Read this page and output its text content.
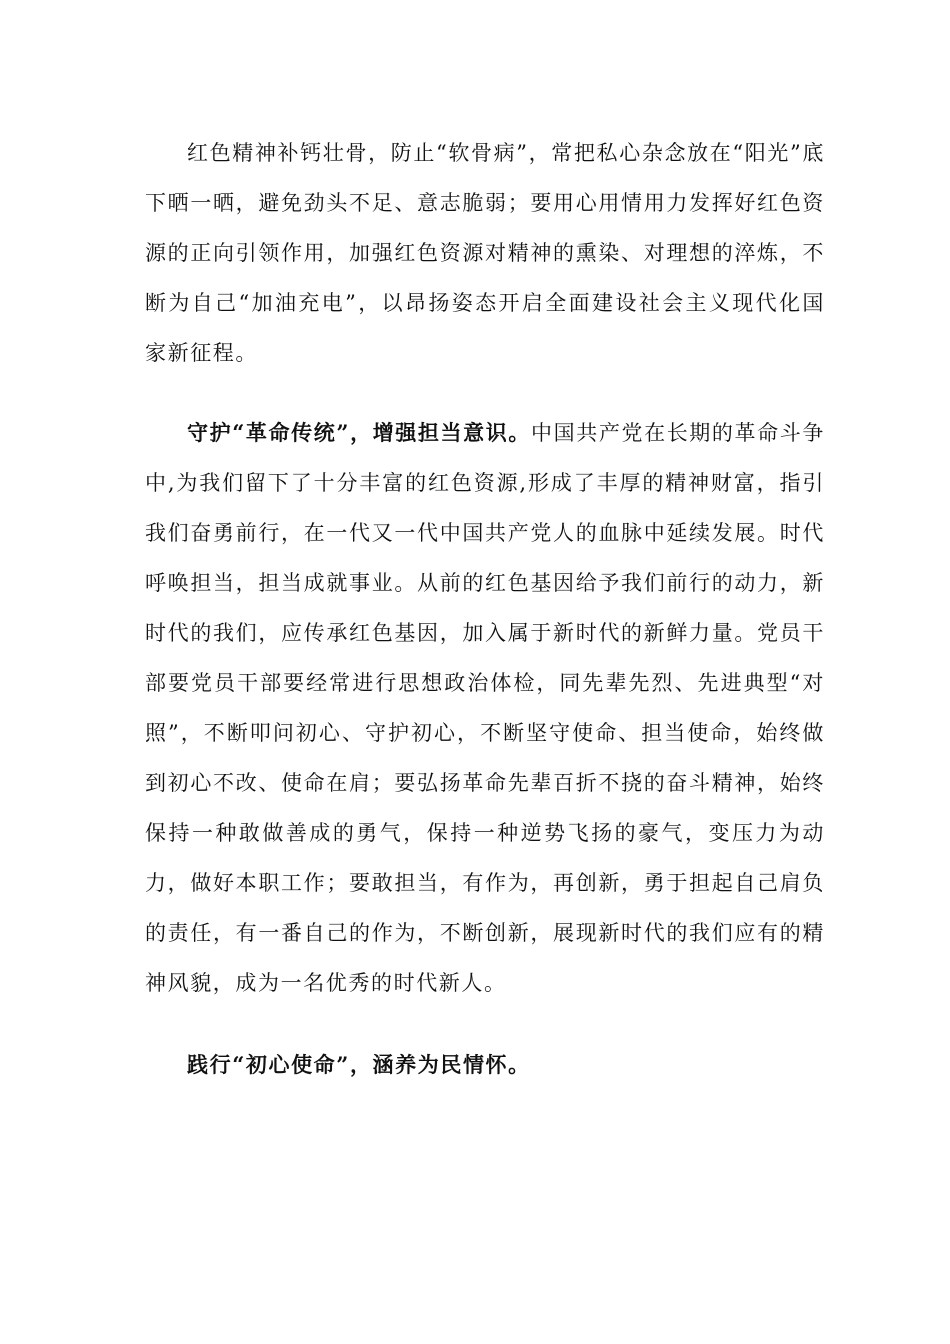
红色精神补钙壮骨，防止“软骨病”，常把私心杂念放在“阳光”底下晒一晒，避免劲头不足、意志脆弱；要用心用情用力发挥好红色资源的正向引领作用，加强红色资源对精神的熏染、对理想的淬炼，不断为自己“加油充电”，以昂扬姿态开启全面建设社会主义现代化国家新征程。

守护“革命传统”，增强担当意识。中国共产党在长期的革命斗争中,为我们留下了十分丰富的红色资源,形成了丰厚的精神财富，指引我们奋勇前行，在一代又一代中国共产党人的血脉中延续发展。时代呼唤担当，担当成就事业。从前的红色基因给予我们前行的动力，新时代的我们，应传承红色基因，加入属于新时代的新鲜力量。党员干部要党员干部要经常进行思想政治体检，同先辈先烈、先进典型“对照”，不断叩问初心、守护初心，不断坚守使命、担当使命，始终做到初心不改、使命在肩；要弘扬革命先辈百折不挠的奋斗精神，始终保持一种敢做善成的勇气，保持一种逆势飞扬的豪气，变压力为动力，做好本职工作；要敢担当，有作为，再创新，勇于担起自己肩负的责任，有一番自己的作为，不断创新，展现新时代的我们应有的精神风貌，成为一名优秀的时代新人。

践行“初心使命”，涵养为民情怀。
